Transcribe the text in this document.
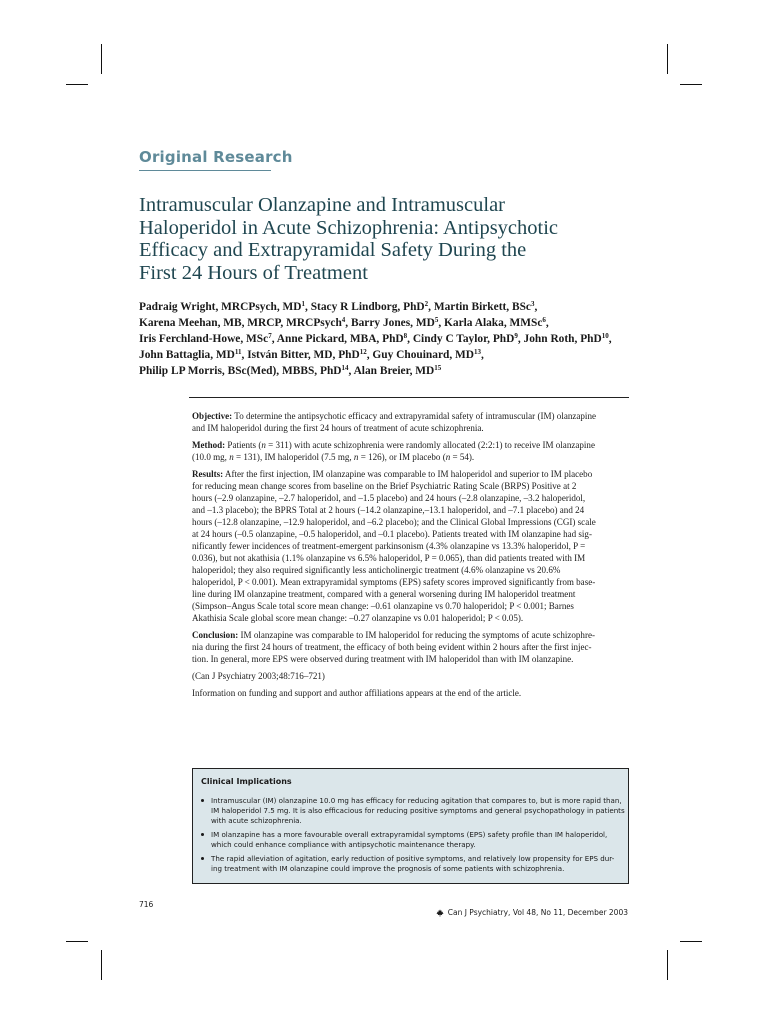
Original Research
Intramuscular Olanzapine and Intramuscular
Haloperidol in Acute Schizophrenia: Antipsychotic
Efficacy and Extrapyramidal Safety During the
First 24 Hours of Treatment
Padraig Wright, MRCPsych, $MD^1$, Stacy R Lindborg, PhD$^2$, Martin Birkett, BSc$^3$,
Karena Meehan, MB, MRCP, MRCPsych$^4$, Barry Jones, $MD^5$, Karla Alaka, MMSc$^6$,
Iris Ferchland-Howe, MSc$^7$, Anne Pickard, MBA, PhD$^8$, Cindy C Taylor, PhD$^9$, John Roth, PhD$^{10}$,
John Battaglia, MD$^{11}$, István Bitter, MD, PhD$^{12}$, Guy Chouinard, MD$^{13}$,
Philip LP Morris, BSc(Med), MBBS, PhD$^{14}$, Alan Breier, MD$^{15}$

Objective: To determine the antipsychotic efficacy and extrapyramidal safety of intramuscular (IM) olanzapine
and IM haloperidol during the first 24 hours of treatment of acute schizophrenia.

Method: Patients (n = 311) with acute schizophrenia were randomly allocated (2:2:1) to receive IM olanzapine
(10.0 mg, n = 131), IM haloperidol (7.5 mg, n = 126), or IM placebo (n = 54).

Results: After the first injection, IM olanzapine was comparable to IM haloperidol and superior to IM placebo
for reducing mean change scores from baseline on the Brief Psychiatric Rating Scale (BRPS) Positive at 2
hours (–2.9 olanzapine, –2.7 haloperidol, and –1.5 placebo) and 24 hours (–2.8 olanzapine, –3.2 haloperidol,
and –1.3 placebo); the BPRS Total at 2 hours (–14.2 olanzapine,–13.1 haloperidol, and –7.1 placebo) and 24
hours (–12.8 olanzapine, –12.9 haloperidol, and –6.2 placebo); and the Clinical Global Impressions (CGI) scale
at 24 hours (–0.5 olanzapine, –0.5 haloperidol, and –0.1 placebo). Patients treated with IM olanzapine had sig-
nificantly fewer incidences of treatment-emergent parkinsonism (4.3% olanzapine vs 13.3% haloperidol, P =
0.036), but not akathisia (1.1% olanzapine vs 6.5% haloperidol, P = 0.065), than did patients treated with IM
haloperidol; they also required significantly less anticholinergic treatment (4.6% olanzapine vs 20.6%
haloperidol, P < 0.001). Mean extrapyramidal symptoms (EPS) safety scores improved significantly from base-
line during IM olanzapine treatment, compared with a general worsening during IM haloperidol treatment
(Simpson–Angus Scale total score mean change: –0.61 olanzapine vs 0.70 haloperidol; P < 0.001; Barnes
Akathisia Scale global score mean change: –0.27 olanzapine vs 0.01 haloperidol; P < 0.05).

Conclusion: IM olanzapine was comparable to IM haloperidol for reducing the symptoms of acute schizophre-
nia during the first 24 hours of treatment, the efficacy of both being evident within 2 hours after the first injec-
tion. In general, more EPS were observed during treatment with IM haloperidol than with IM olanzapine.

(Can J Psychiatry 2003;48:716–721)

Information on funding and support and author affiliations appears at the end of the article.

Clinical Implications
Intramuscular (IM) olanzapine 10.0 mg has efficacy for reducing agitation that compares to, but is more rapid than,
IM haloperidol 7.5 mg. It is also efficacious for reducing positive symptoms and general psychopathology in patients
with acute schizophrenia.
IM olanzapine has a more favourable overall extrapyramidal symptoms (EPS) safety profile than IM haloperidol,
which could enhance compliance with antipsychotic maintenance therapy.
The rapid alleviation of agitation, early reduction of positive symptoms, and relatively low propensity for EPS dur-
ing treatment with IM olanzapine could improve the prognosis of some patients with schizophrenia.
716
Can J Psychiatry, Vol 48, No 11, December 2003
